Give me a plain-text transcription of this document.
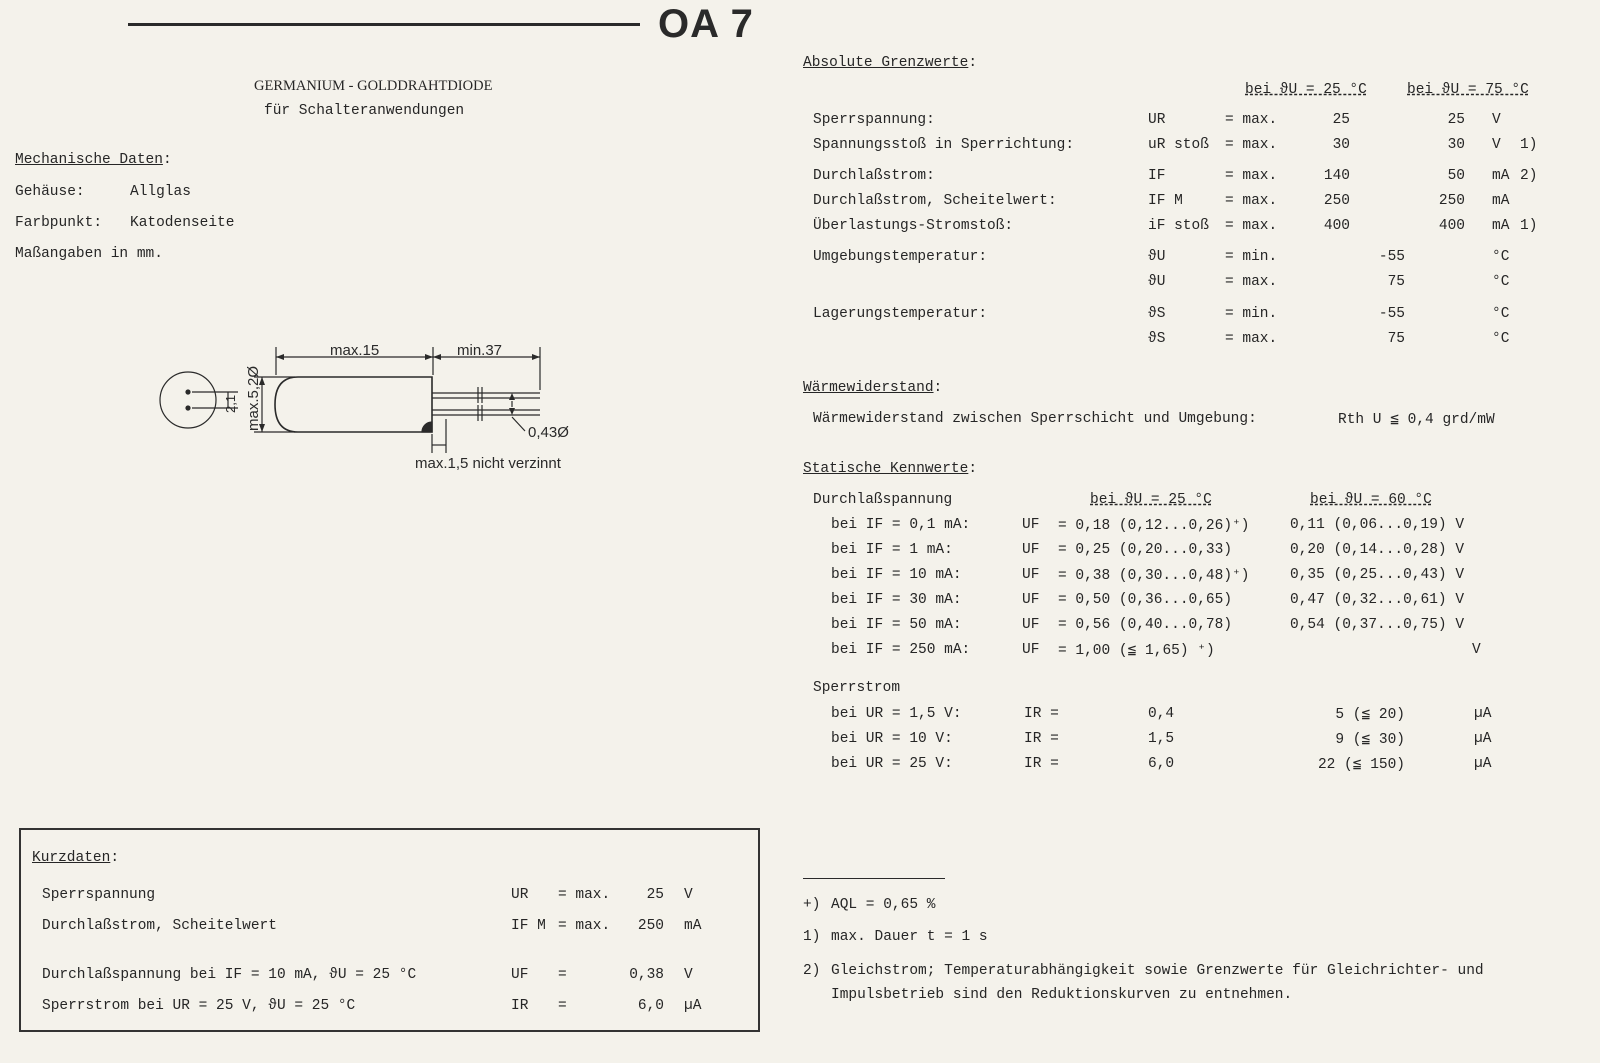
OA 7
GERMANIUM - GOLDDRAHTDIODE
für Schalteranwendungen
Mechanische Daten:
Gehäuse:	Allglas
Farbpunkt: Katodenseite
Maßangaben in mm.
max.15	min.37
max.5,2Ø
2,1
0,43Ø
max.1,5 nicht verzinnt
Absolute Grenzwerte:
bei ϑU = 25 °C	bei ϑU = 75 °C
Sperrspannung:	UR	= max.	25	25 V
Spannungsstoß in Sperrichtung:	uR stoß = max.	30	30 V 1)
Durchlaßstrom:	IF	= max.	140	50 mA 2)
Durchlaßstrom, Scheitelwert:	IF M	= max.	250	250 mA
Überlastungs-Stromstoß:	iF stoß = max.	400	400 mA 1)
Umgebungstemperatur:	ϑU	= min.	-55	°C
ϑU	= max.	75	°C
Lagerungstemperatur:	ϑS	= min.	-55	°C
ϑS	= max.	75	°C
Wärmewiderstand:
Wärmewiderstand zwischen Sperrschicht und Umgebung:	Rth U ≦ 0,4 grd/mW
Statische Kennwerte:
Durchlaßspannung	bei ϑU = 25 °C	bei ϑU = 60 °C
bei IF = 0,1 mA:	UF = 0,18 (0,12...0,26)⁺)	0,11 (0,06...0,19) V
bei IF = 1 mA:	UF = 0,25 (0,20...0,33)	0,20 (0,14...0,28) V
bei IF = 10 mA:	UF = 0,38 (0,30...0,48)⁺)	0,35 (0,25...0,43) V
bei IF = 30 mA:	UF = 0,50 (0,36...0,65)	0,47 (0,32...0,61) V
bei IF = 50 mA:	UF = 0,56 (0,40...0,78)	0,54 (0,37...0,75) V
bei IF = 250 mA:	UF = 1,00 (≦ 1,65) ⁺)	V
Sperrstrom
bei UR = 1,5 V:	IR =	0,4	5 (≦ 20)	µA
bei UR = 10 V:	IR =	1,5	9 (≦ 30)	µA
bei UR = 25 V:	IR =	6,0	22 (≦ 150)	µA
Kurzdaten:
Sperrspannung	UR = max.	25 V
Durchlaßstrom, Scheitelwert	IF M = max.	250 mA
Durchlaßspannung bei IF = 10 mA, ϑU = 25 °C	UF =	0,38 V
Sperrstrom bei UR = 25 V, ϑU = 25 °C	IR =	6,0 µA
+) AQL = 0,65 %
1) max. Dauer t = 1 s
2) Gleichstrom; Temperaturabhängigkeit sowie Grenzwerte für Gleichrichter- und
Impulsbetrieb sind den Reduktionskurven zu entnehmen.
